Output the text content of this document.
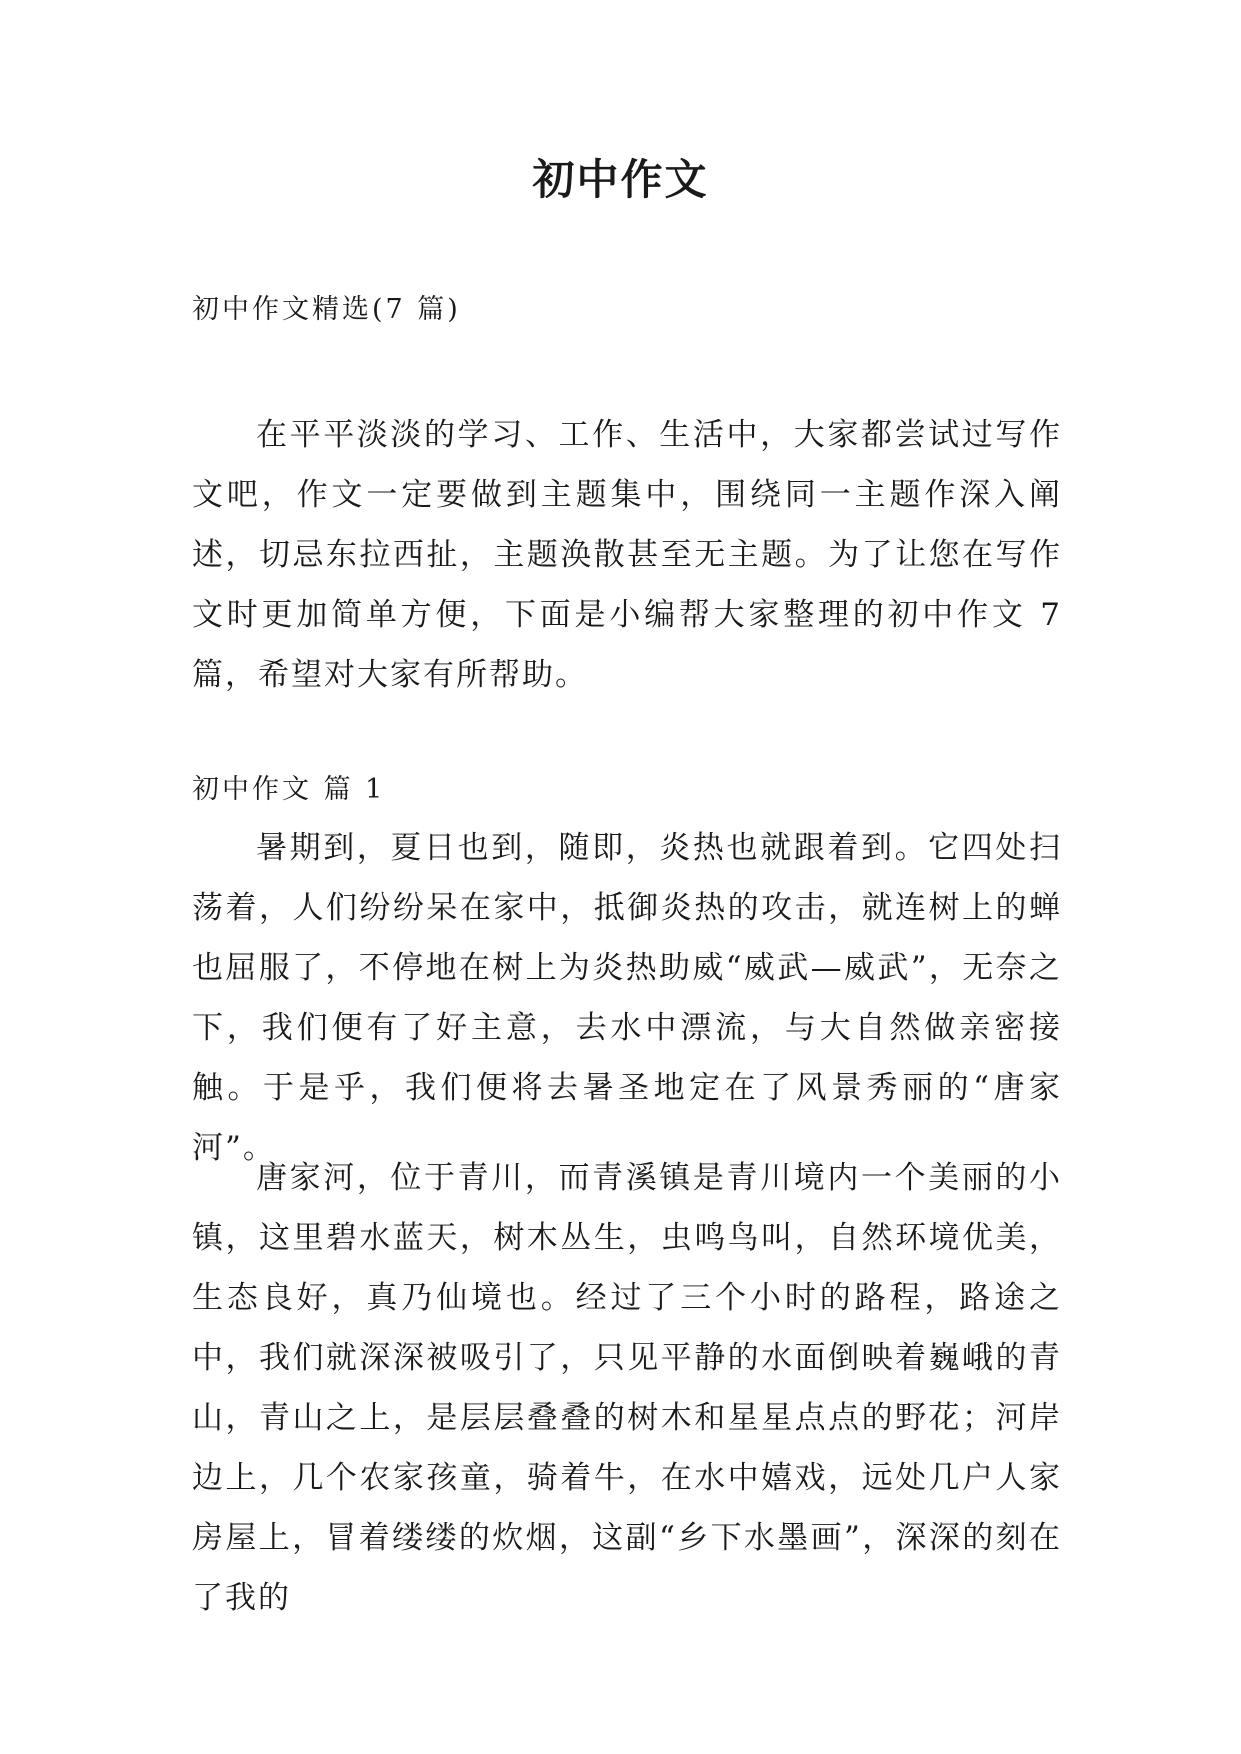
初中作文

初中作文精选(7 篇)

在平平淡淡的学习、工作、生活中，大家都尝试过写作文吧，作文一定要做到主题集中，围绕同一主题作深入阐述，切忌东拉西扯，主题涣散甚至无主题。为了让您在写作文时更加简单方便，下面是小编帮大家整理的初中作文 7 篇，希望对大家有所帮助。

初中作文 篇 1

暑期到，夏日也到，随即，炎热也就跟着到。它四处扫荡着，人们纷纷呆在家中，抵御炎热的攻击，就连树上的蝉也屈服了，不停地在树上为炎热助威“威武—威武”，无奈之下，我们便有了好主意，去水中漂流，与大自然做亲密接触。于是乎，我们便将去暑圣地定在了风景秀丽的“唐家河”。

唐家河，位于青川，而青溪镇是青川境内一个美丽的小镇，这里碧水蓝天，树木丛生，虫鸣鸟叫，自然环境优美，生态良好，真乃仙境也。经过了三个小时的路程，路途之中，我们就深深被吸引了，只见平静的水面倒映着巍峨的青山，青山之上，是层层叠叠的树木和星星点点的野花；河岸边上，几个农家孩童，骑着牛，在水中嬉戏，远处几户人家房屋上，冒着缕缕的炊烟，这副“乡下水墨画”，深深的刻在了我的
